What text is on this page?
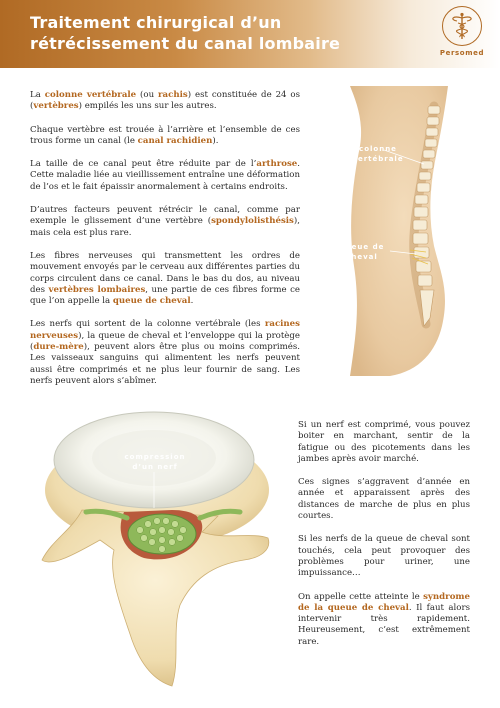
Traitement chirurgical d’un
rétrécissement du canal lombaire	Persomed

La colonne vertébrale (ou rachis) est constituée de 24 os (vertèbres) empilés les uns sur les autres.

Chaque vertèbre est trouée à l’arrière et l’ensemble de ces trous forme un canal (le canal rachidien).

La taille de ce canal peut être réduite par de l’arthrose. Cette maladie liée au vieillissement entraîne une déformation de l’os et le fait épaissir anormalement à certains endroits.

D’autres facteurs peuvent rétrécir le canal, comme par exemple le glissement d’une vertèbre (spondylolisthésis), mais cela est plus rare.

Les fibres nerveuses qui transmettent les ordres de mouvement envoyés par le cerveau aux différentes parties du corps circulent dans ce canal. Dans le bas du dos, au niveau des vertèbres lombaires, une partie de ces fibres forme ce que l’on appelle la queue de cheval.

Les nerfs qui sortent de la colonne vertébrale (les racines nerveuses), la queue de cheval et l’enveloppe qui la protège (dure-mère), peuvent alors être plus ou moins comprimés. Les vaisseaux sanguins qui alimentent les nerfs peuvent aussi être comprimés et ne plus leur fournir de sang. Les nerfs peuvent alors s’abîmer.

colonne
vertébrale
queue de
cheval
compression
d’un nerf

Si un nerf est comprimé, vous pouvez boiter en marchant, sentir de la fatigue ou des picotements dans les jambes après avoir marché.

Ces signes s’aggravent d’année en année et apparaissent après des distances de marche de plus en plus courtes.

Si les nerfs de la queue de cheval sont touchés, cela peut provoquer des problèmes pour uriner, une impuissance…

On appelle cette atteinte le syndrome de la queue de cheval. Il faut alors intervenir très rapidement. Heureusement, c’est extrêmement rare.
